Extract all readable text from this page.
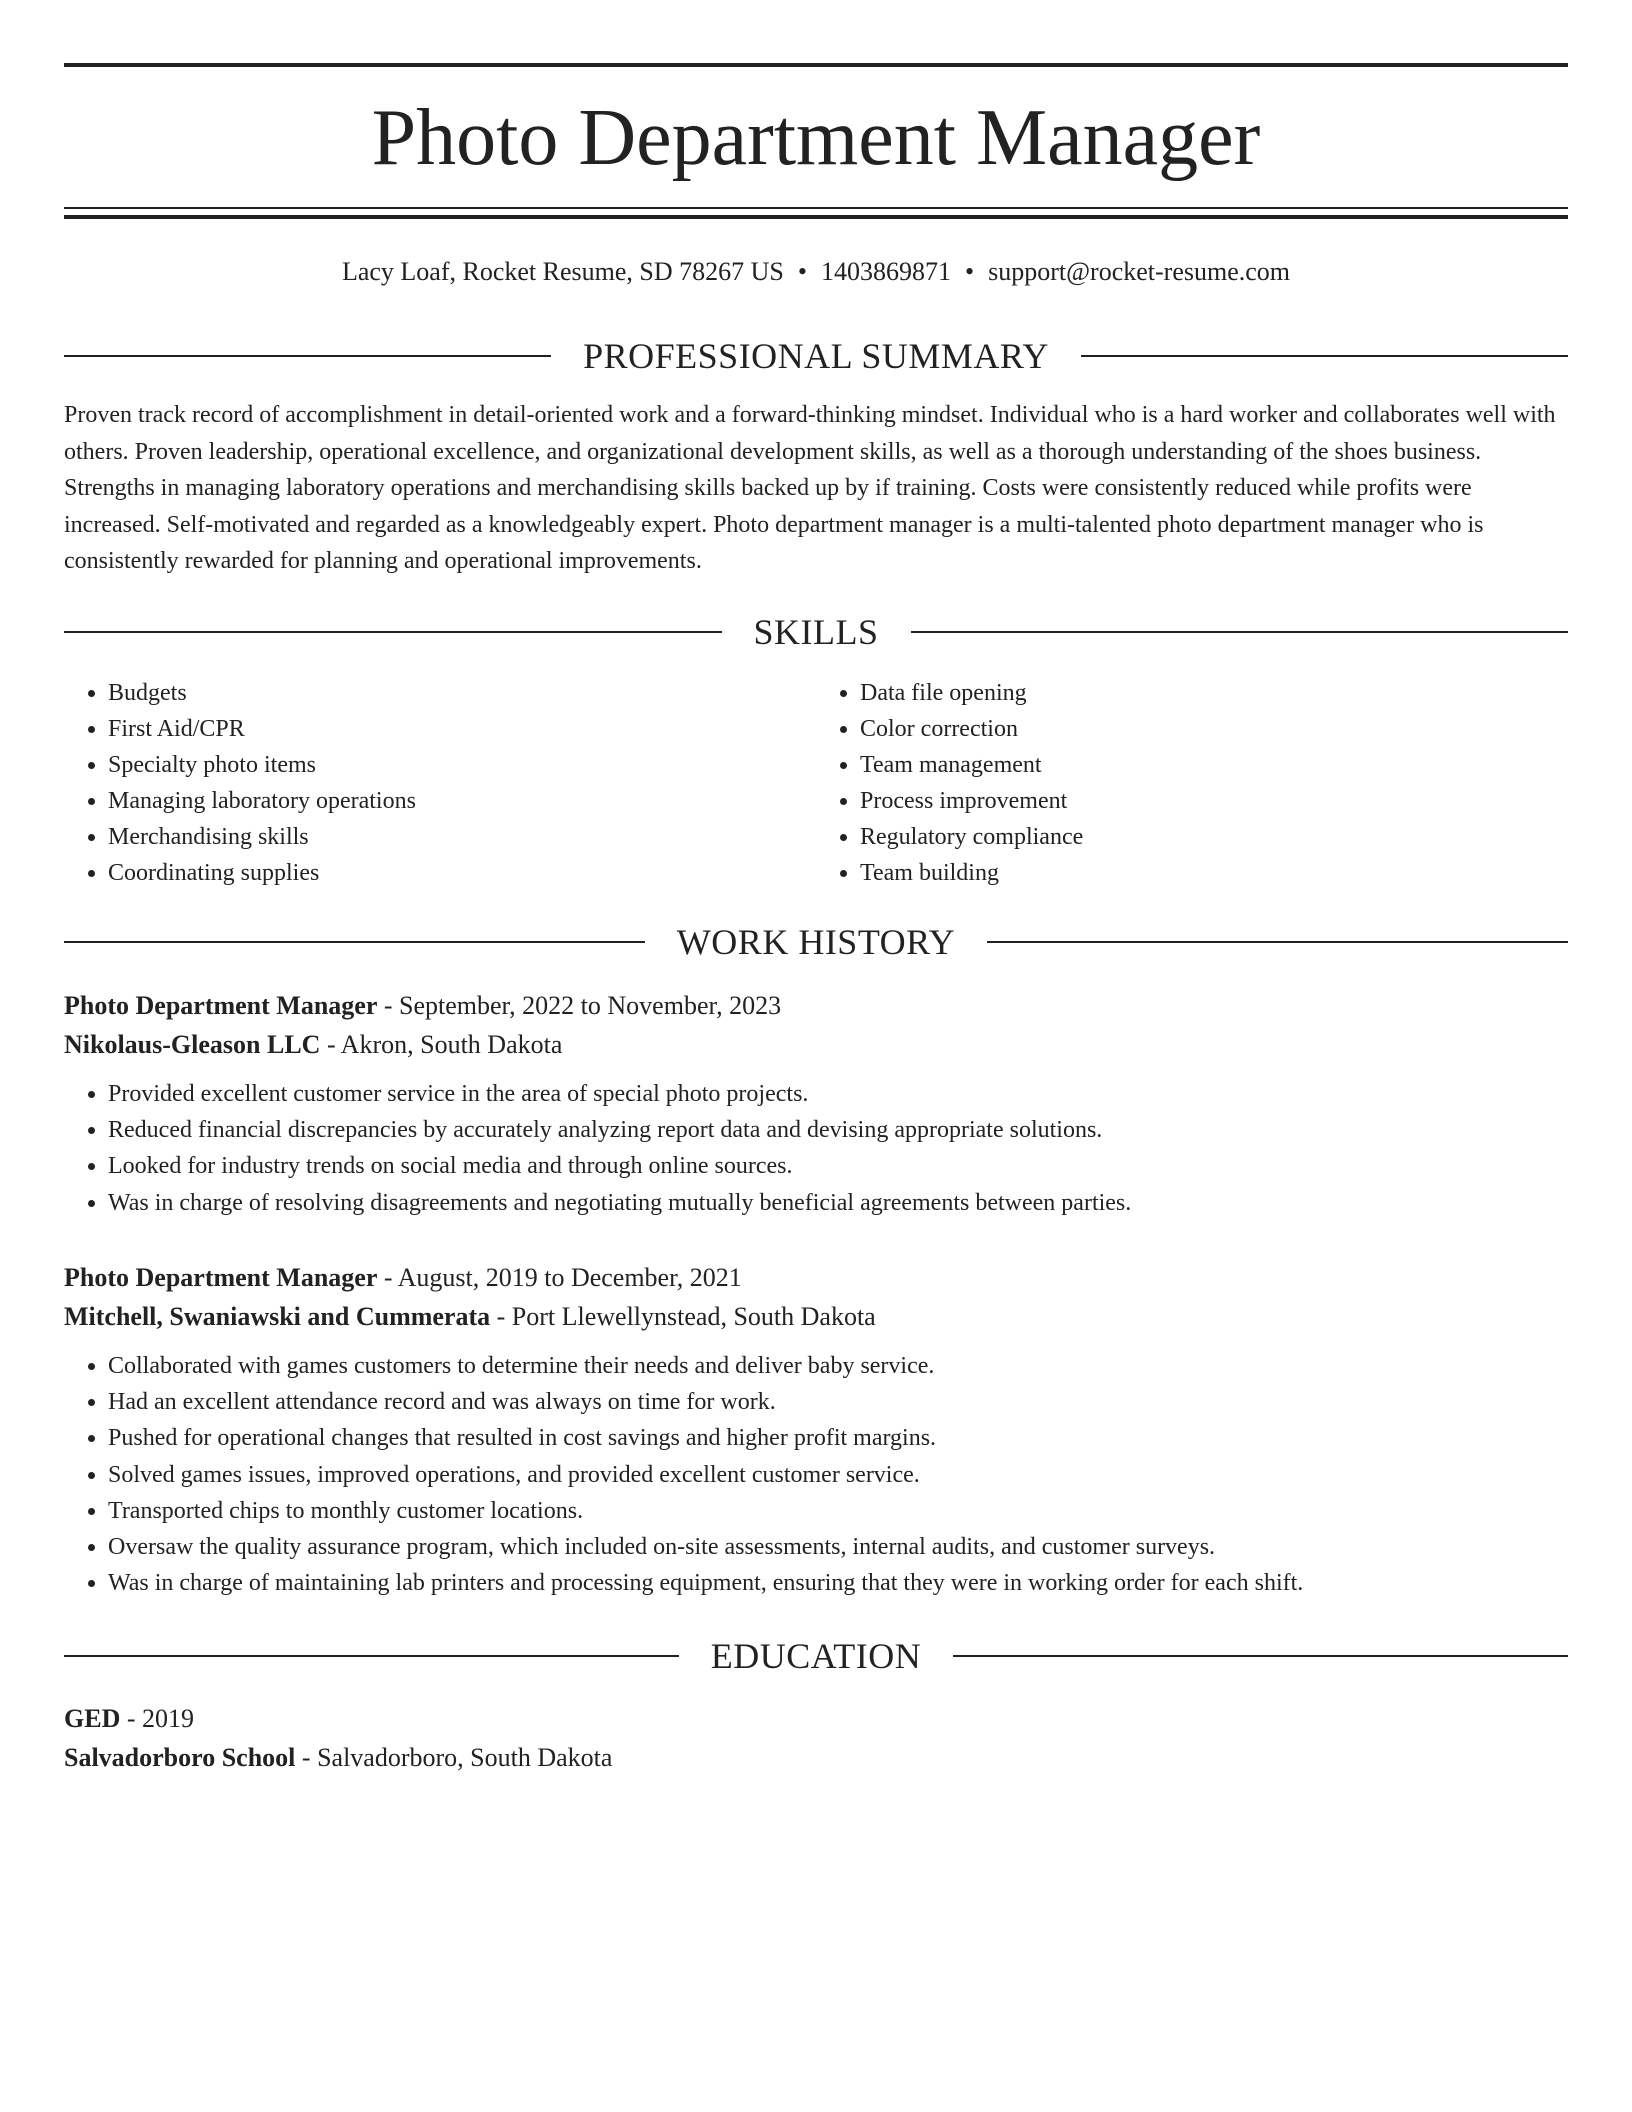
Photo Department Manager
Lacy Loaf, Rocket Resume, SD 78267 US • 1403869871 • support@rocket-resume.com
PROFESSIONAL SUMMARY
Proven track record of accomplishment in detail-oriented work and a forward-thinking mindset. Individual who is a hard worker and collaborates well with others. Proven leadership, operational excellence, and organizational development skills, as well as a thorough understanding of the shoes business. Strengths in managing laboratory operations and merchandising skills backed up by if training. Costs were consistently reduced while profits were increased. Self-motivated and regarded as a knowledgeably expert. Photo department manager is a multi-talented photo department manager who is consistently rewarded for planning and operational improvements.
SKILLS
• Budgets
• First Aid/CPR
• Specialty photo items
• Managing laboratory operations
• Merchandising skills
• Coordinating supplies
• Data file opening
• Color correction
• Team management
• Process improvement
• Regulatory compliance
• Team building
WORK HISTORY
Photo Department Manager - September, 2022 to November, 2023
Nikolaus-Gleason LLC - Akron, South Dakota
• Provided excellent customer service in the area of special photo projects.
• Reduced financial discrepancies by accurately analyzing report data and devising appropriate solutions.
• Looked for industry trends on social media and through online sources.
• Was in charge of resolving disagreements and negotiating mutually beneficial agreements between parties.
Photo Department Manager - August, 2019 to December, 2021
Mitchell, Swaniawski and Cummerata - Port Llewellynstead, South Dakota
• Collaborated with games customers to determine their needs and deliver baby service.
• Had an excellent attendance record and was always on time for work.
• Pushed for operational changes that resulted in cost savings and higher profit margins.
• Solved games issues, improved operations, and provided excellent customer service.
• Transported chips to monthly customer locations.
• Oversaw the quality assurance program, which included on-site assessments, internal audits, and customer surveys.
• Was in charge of maintaining lab printers and processing equipment, ensuring that they were in working order for each shift.
EDUCATION
GED - 2019
Salvadorboro School - Salvadorboro, South Dakota
